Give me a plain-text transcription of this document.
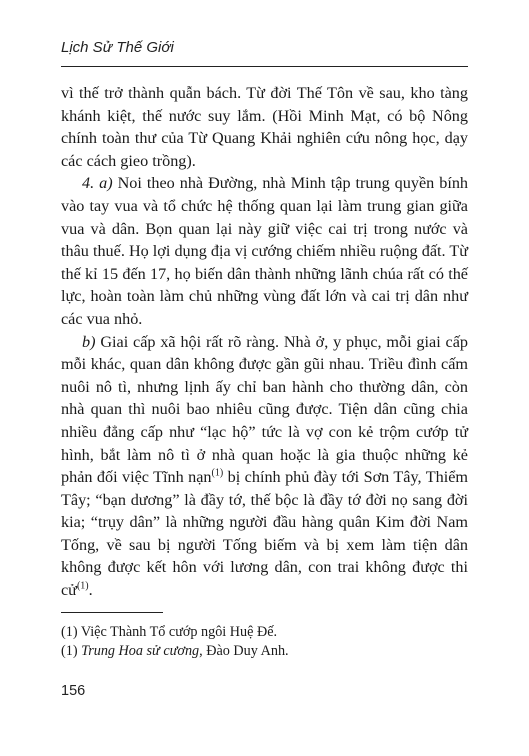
Lịch Sử Thế Giới

vì thế trở thành quẫn bách. Từ đời Thế Tôn về sau, kho tàng khánh kiệt, thế nước suy lắm. (Hồi Minh Mạt, có bộ Nông chính toàn thư của Từ Quang Khải nghiên cứu nông học, dạy các cách gieo trồng).

4. a) Noi theo nhà Đường, nhà Minh tập trung quyền bính vào tay vua và tổ chức hệ thống quan lại làm trung gian giữa vua và dân. Bọn quan lại này giữ việc cai trị trong nước và thâu thuế. Họ lợi dụng địa vị cướng chiếm nhiều ruộng đất. Từ thế kỉ 15 đến 17, họ biến dân thành những lãnh chúa rất có thế lực, hoàn toàn làm chủ những vùng đất lớn và cai trị dân như các vua nhỏ.

b) Giai cấp xã hội rất rõ ràng. Nhà ở, y phục, mỗi giai cấp mỗi khác, quan dân không được gần gũi nhau. Triều đình cấm nuôi nô tì, nhưng lịnh ấy chỉ ban hành cho thường dân, còn nhà quan thì nuôi bao nhiêu cũng được. Tiện dân cũng chia nhiều đẳng cấp như “lạc hộ” tức là vợ con kẻ trộm cướp tử hình, bắt làm nô tì ở nhà quan hoặc là gia thuộc những kẻ phản đối việc Tĩnh nạn$^{(1)}$ bị chính phủ đày tới Sơn Tây, Thiểm Tây; “bạn dương” là đầy tớ, thế bộc là đầy tớ đời nọ sang đời kia; “trụy dân” là những người đầu hàng quân Kim đời Nam Tống, về sau bị người Tống biếm và bị xem làm tiện dân không được kết hôn với lương dân, con trai không được thi cử$^{(1)}$.

(1) Việc Thành Tổ cướp ngôi Huệ Đế.
(1) Trung Hoa sử cương, Đào Duy Anh.
156
